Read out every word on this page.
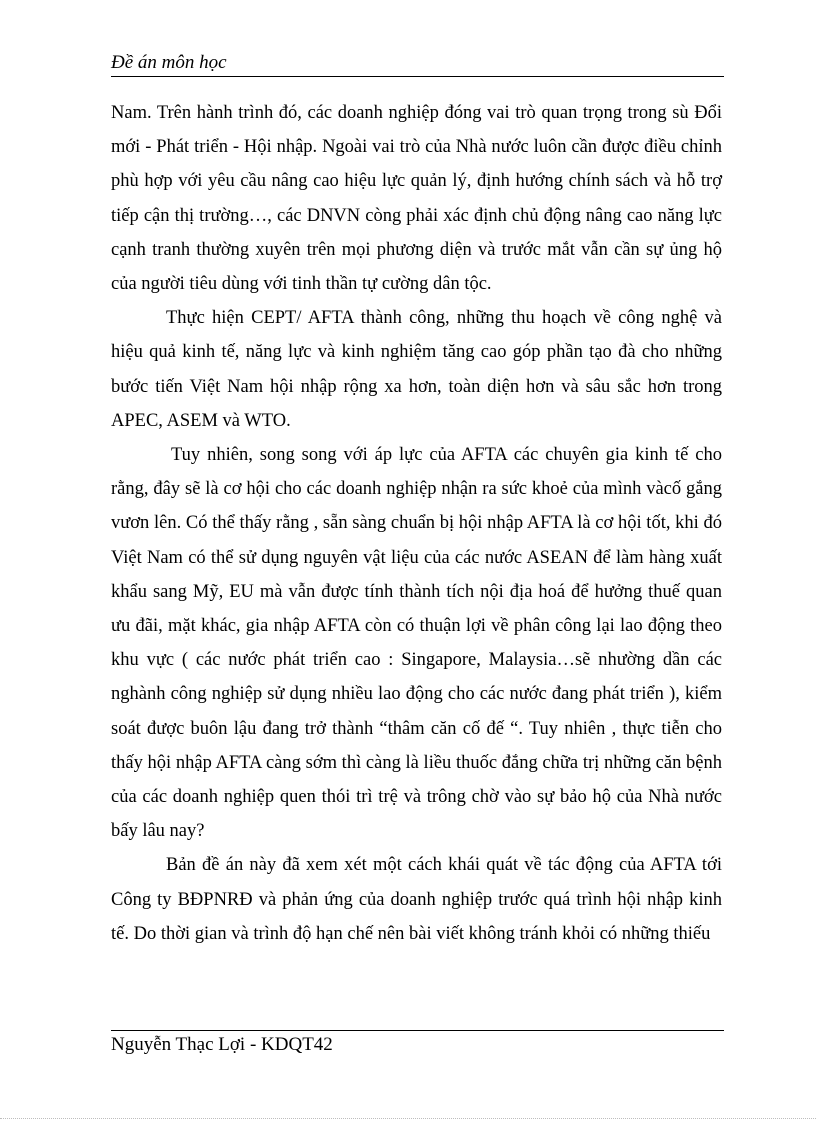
Đề án môn học

Nam. Trên hành trình đó, các doanh nghiệp đóng vai trò quan trọng trong sù Đổi mới - Phát triển - Hội nhập. Ngoài vai trò của Nhà nước luôn cần được điều chỉnh phù hợp với yêu cầu nâng cao hiệu lực quản lý, định hướng chính sách và hỗ trợ tiếp cận thị trường…, các DNVN còng phải xác định chủ động nâng cao năng lực cạnh tranh thường xuyên trên mọi phương diện và trước mắt vẫn cần sự ủng hộ của người tiêu dùng với tinh thần tự cường dân tộc.

Thực hiện CEPT/ AFTA thành công, những thu hoạch về công nghệ và hiệu quả kinh tế, năng lực và kinh nghiệm tăng cao góp phần tạo đà cho những bước tiến Việt Nam hội nhập rộng xa hơn, toàn diện hơn và sâu sắc hơn trong APEC, ASEM và WTO.

Tuy nhiên, song song với áp lực của AFTA các chuyên gia kinh tế cho rằng, đây sẽ là cơ hội cho các doanh nghiệp nhận ra sức khoẻ của mình vàcố gắng vươn lên. Có thể thấy rằng , sẵn sàng chuẩn bị hội nhập AFTA là cơ hội tốt, khi đó Việt Nam có thể sử dụng nguyên vật liệu của các nước ASEAN để làm hàng xuất khẩu sang Mỹ, EU mà vẫn được tính thành tích nội địa hoá để hưởng thuế quan ưu đãi, mặt khác, gia nhập AFTA còn có thuận lợi về phân công lại lao động theo khu vực ( các nước phát triển cao : Singapore, Malaysia…sẽ nhường dần các nghành công nghiệp sử dụng nhiều lao động cho các nước đang phát triển ), kiểm soát được buôn lậu đang trở thành “thâm căn cố đế “. Tuy nhiên , thực tiễn cho thấy hội nhập AFTA càng sớm thì càng là liều thuốc đắng chữa trị những căn bệnh của các doanh nghiệp quen thói trì trệ và trông chờ vào sự bảo hộ của Nhà nước bấy lâu nay?

Bản đề án này đã xem xét một cách khái quát về tác động của AFTA tới Công ty BĐPNRĐ và phản ứng của doanh nghiệp trước quá trình hội nhập kinh tế. Do thời gian và trình độ hạn chế nên bài viết không tránh khỏi có những thiếu

Nguyễn Thạc Lợi - KDQT42
